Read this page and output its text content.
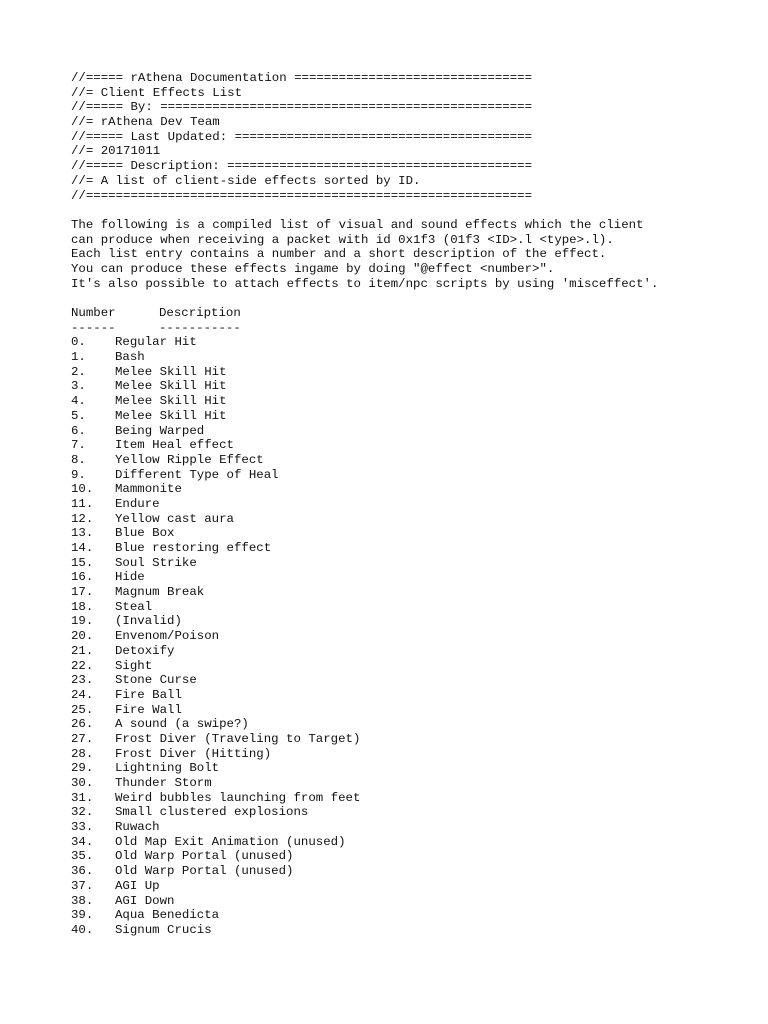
//===== rAthena Documentation ================================
//= Client Effects List
//===== By: ==================================================
//= rAthena Dev Team
//===== Last Updated: ========================================
//= 20171011
//===== Description: =========================================
//= A list of client-side effects sorted by ID.
//============================================================
The following is a compiled list of visual and sound effects which the client
can produce when receiving a packet with id 0x1f3 (01f3 <ID>.l <type>.l).
Each list entry contains a number and a short description of the effect.
You can produce these effects ingame by doing "@effect <number>".
It's also possible to attach effects to item/npc scripts by using 'misceffect'.
Number	Description
------	-----------
0.	Regular Hit
1.	Bash
2.	Melee Skill Hit
3.	Melee Skill Hit
4.	Melee Skill Hit
5.	Melee Skill Hit
6.	Being Warped
7.	Item Heal effect
8.	Yellow Ripple Effect
9.	Different Type of Heal
10.	Mammonite
11.	Endure
12.	Yellow cast aura
13.	Blue Box
14.	Blue restoring effect
15.	Soul Strike
16.	Hide
17.	Magnum Break
18.	Steal
19.	(Invalid)
20.	Envenom/Poison
21.	Detoxify
22.	Sight
23.	Stone Curse
24.	Fire Ball
25.	Fire Wall
26.	A sound (a swipe?)
27.	Frost Diver (Traveling to Target)
28.	Frost Diver (Hitting)
29.	Lightning Bolt
30.	Thunder Storm
31.	Weird bubbles launching from feet
32.	Small clustered explosions
33.	Ruwach
34.	Old Map Exit Animation (unused)
35.	Old Warp Portal (unused)
36.	Old Warp Portal (unused)
37.	AGI Up
38.	AGI Down
39.	Aqua Benedicta
40.	Signum Crucis
